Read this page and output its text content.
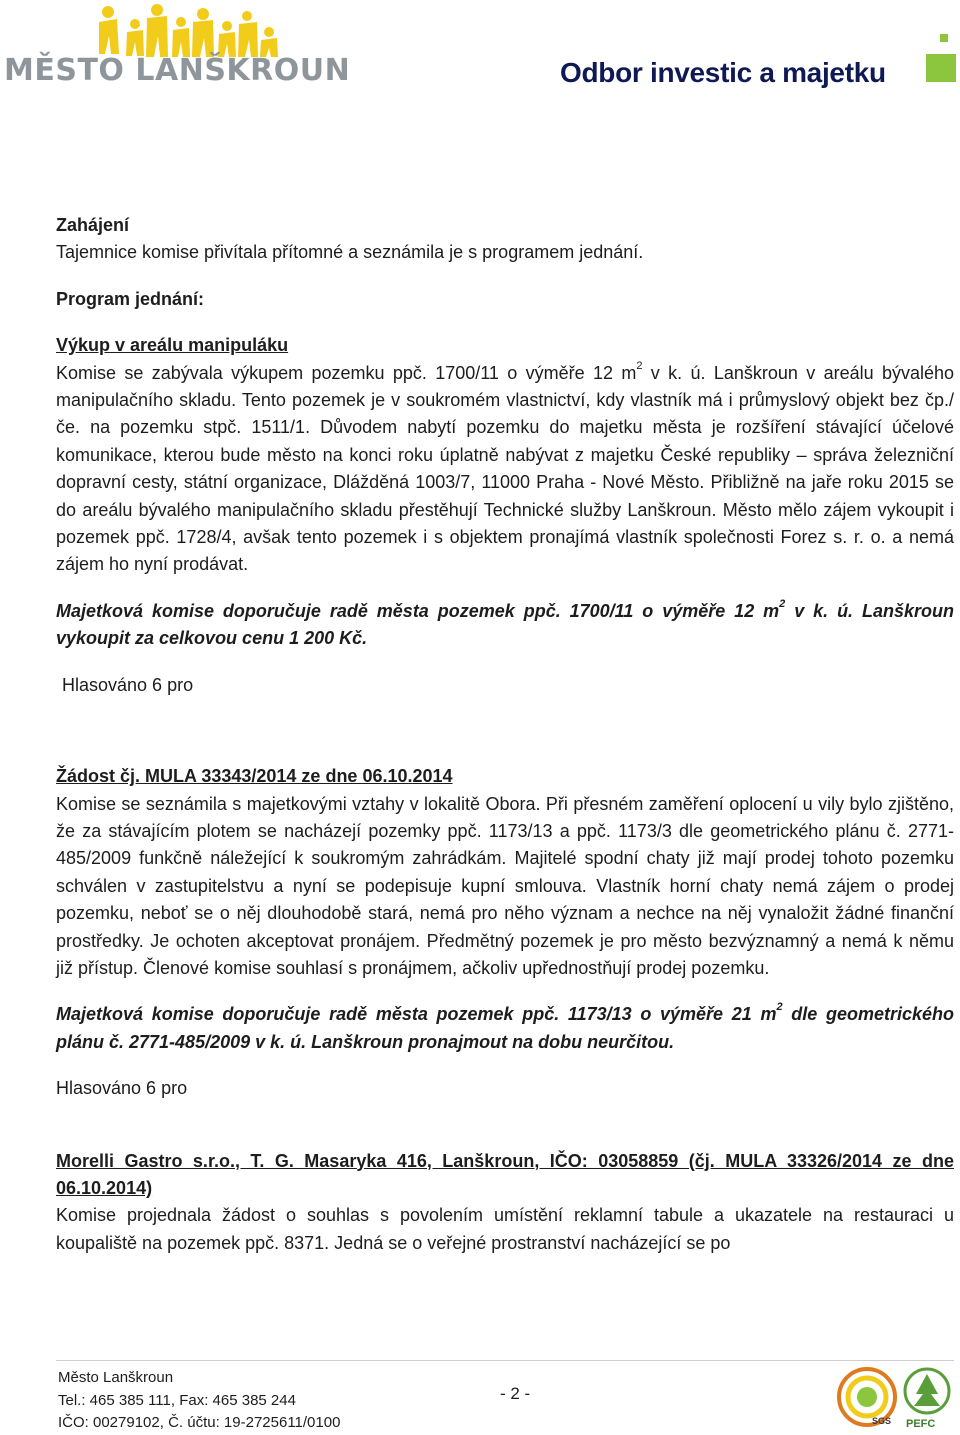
MĚSTO LANŠKROUN	Odbor investic a majetku

Zahájení

Tajemnice komise přivítala přítomné a seznámila je s programem jednání.

Program jednání:

Výkup v areálu manipuláku

Komise se zabývala výkupem pozemku ppč. 1700/11 o výměře 12 $m^2$ v k. ú. Lanškroun v areálu bývalého manipulačního skladu. Tento pozemek je v soukromém vlastnictví, kdy vlastník má i průmyslový objekt bez čp./če. na pozemku stpč. 1511/1. Důvodem nabytí pozemku do majetku města je rozšíření stávající účelové komunikace, kterou bude město na konci roku úplatně nabývat z majetku České republiky – správa železniční dopravní cesty, státní organizace, Dlážděná 1003/7, 11000 Praha - Nové Město. Přibližně na jaře roku 2015 se do areálu bývalého manipulačního skladu přestěhují Technické služby Lanškroun. Město mělo zájem vykoupit i pozemek ppč. 1728/4, avšak tento pozemek i s objektem pronajímá vlastník společnosti Forez s. r. o. a nemá zájem ho nyní prodávat.

Majetková komise doporučuje radě města pozemek ppč. 1700/11 o výměře 12 $m^2$ v k. ú. Lanškroun vykoupit za celkovou cenu 1 200 Kč.

Hlasováno 6 pro

Žádost čj. MULA 33343/2014 ze dne 06.10.2014

Komise se seznámila s majetkovými vztahy v lokalitě Obora. Při přesném zaměření oplocení u vily bylo zjištěno, že za stávajícím plotem se nacházejí pozemky ppč. 1173/13 a ppč. 1173/3 dle geometrického plánu č. 2771-485/2009 funkčně náležející k soukromým zahrádkám. Majitelé spodní chaty již mají prodej tohoto pozemku schválen v zastupitelstvu a nyní se podepisuje kupní smlouva. Vlastník horní chaty nemá zájem o prodej pozemku, neboť se o něj dlouhodobě stará, nemá pro něho význam a nechce na něj vynaložit žádné finanční prostředky. Je ochoten akceptovat pronájem. Předmětný pozemek je pro město bezvýznamný a nemá k němu již přístup. Členové komise souhlasí s pronájmem, ačkoliv upřednostňují prodej pozemku.

Majetková komise doporučuje radě města pozemek ppč. 1173/13 o výměře 21 $m^2$ dle geometrického plánu č. 2771-485/2009 v k. ú. Lanškroun pronajmout na dobu neurčitou.

Hlasováno 6 pro

Morelli Gastro s.r.o., T. G. Masaryka 416, Lanškroun, IČO: 03058859 (čj. MULA 33326/2014 ze dne 06.10.2014)

Komise projednala žádost o souhlas s povolením umístění reklamní tabule a ukazatele na restauraci u koupaliště na pozemek ppč. 8371. Jedná se o veřejné prostranství nacházející se po

Město Lanškroun
Tel.: 465 385 111, Fax: 465 385 244
IČO: 00279102, Č. účtu: 19-2725611/0100
- 2 -
SGS PEFC
